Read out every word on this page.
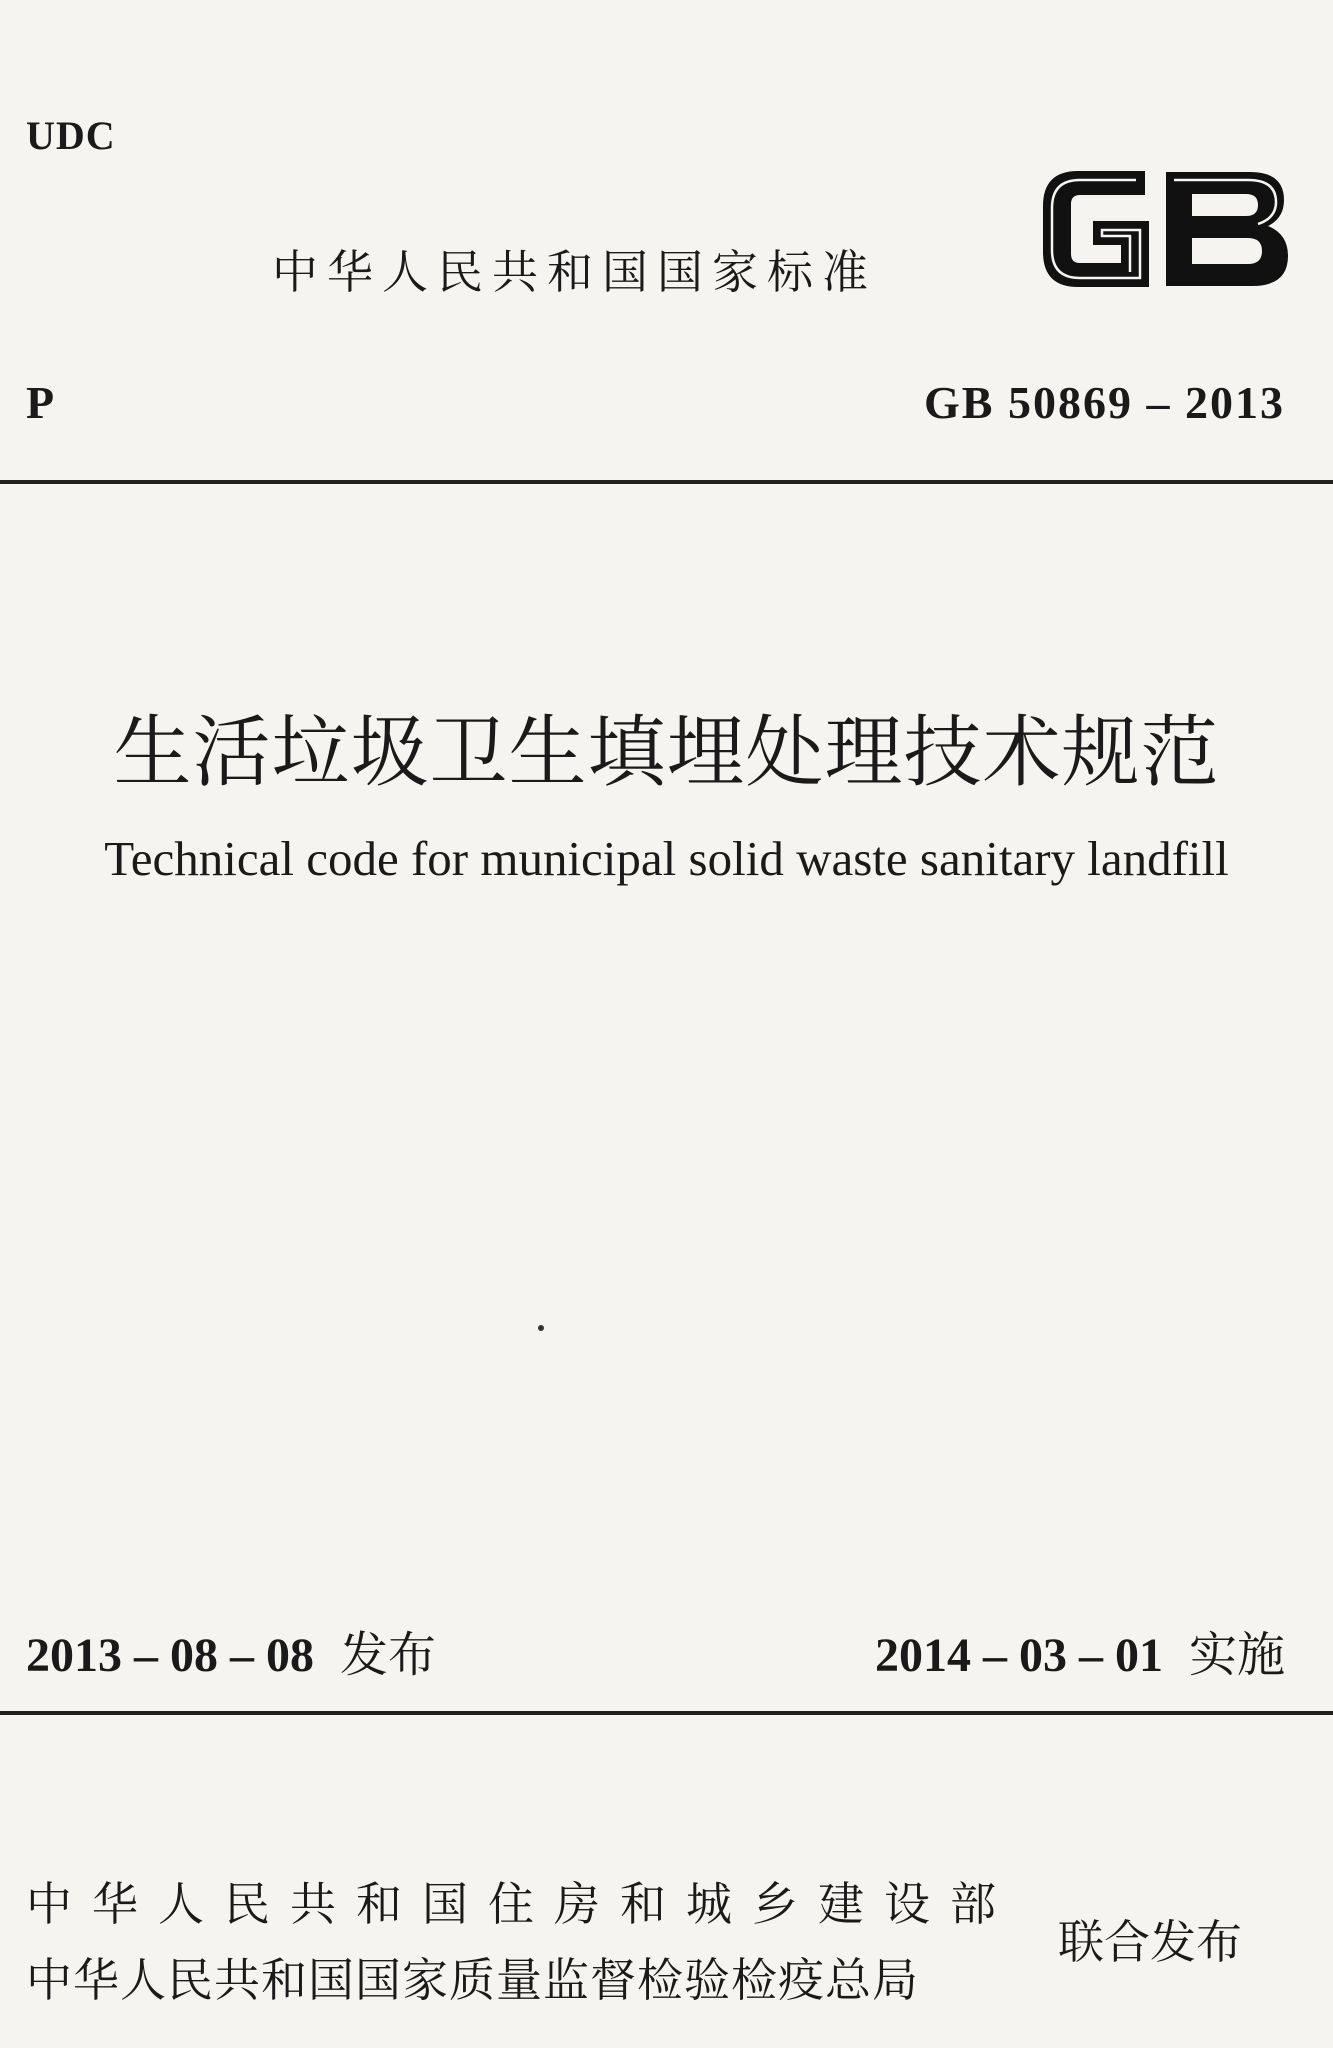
UDC
中华人民共和国国家标准
P	GB 50869 – 2013
生活垃圾卫生填埋处理技术规范
Technical code for municipal solid waste sanitary landfill
2013 – 08 – 08 发布	2014 – 03 – 01 实施
中华人民共和国住房和城乡建设部
中华人民共和国国家质量监督检验检疫总局
联合发布
